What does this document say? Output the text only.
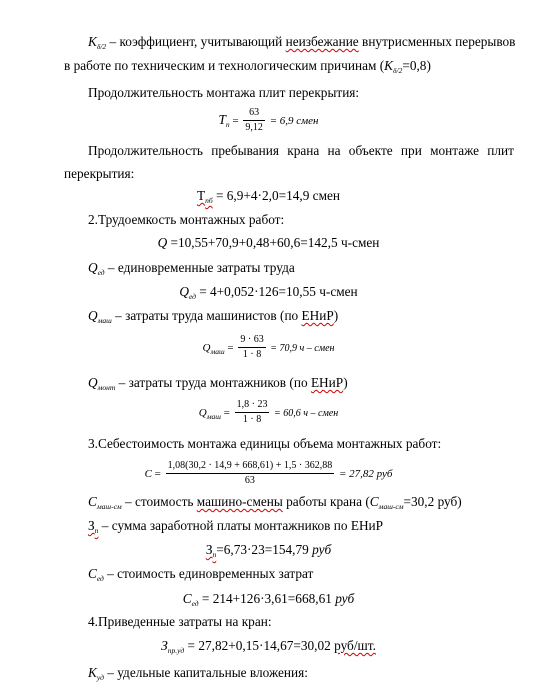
$К_{\delta/2}$ – коэффициент, учитывающий неизбежание внутрисменных перерывов
в работе по техническим и технологическим причинам $(К_{\delta/2}=0,8)$
Продолжительность монтажа плит перекрытия:
$Т_п = \frac{63}{9,12} = 6,9$ смен
Продолжительность пребывания крана на объекте при монтаже плит
перекрытия:
$Т_{пб} = 6,9+4\cdot 2,0=14,9$ смен
2.Трудоемкость монтажных работ:
Q =10,55+70,9+0,48+60,6=142,5 ч-смен
$Q_{ед}$ – единовременные затраты труда
$Q_{ед} = 4+0,052\cdot 126=10,55$ ч-смен
$Q_{маш}$ – затраты труда машинистов (по ЕНиР)
$Q_{маш} = \frac{9 \cdot 63}{1 \cdot 8} = 70,9$ ч – смен
$Q_{монт}$ – затраты труда монтажников (по ЕНиР)
$Q_{маш} = \frac{1,8 \cdot 23}{1 \cdot 8} = 60,6$ ч – смен
3.Себестоимость монтажа единицы объема монтажных работ:
$C = \frac{1,08(30,2 \cdot 14,9 + 668,61) + 1,5 \cdot 362,88}{63} = 27,82$ руб
$С_{маш-см}$ – стоимость машино-смены работы крана ($С_{маш-см}=30,2$ руб)
$З_п$ – сумма заработной платы монтажников по ЕНиР
$З_п=6,73\cdot 23=154,79$ руб
$С_{ед}$ – стоимость единовременных затрат
$С_{ед} = 214+126\cdot 3,61=668,61$ руб
4.Приведенные затраты на кран:
$З_{пр.уд} = 27,82+0,15\cdot 14,67=30,02$ руб/шт.
$К_{уд}$ – удельные капитальные вложения:
